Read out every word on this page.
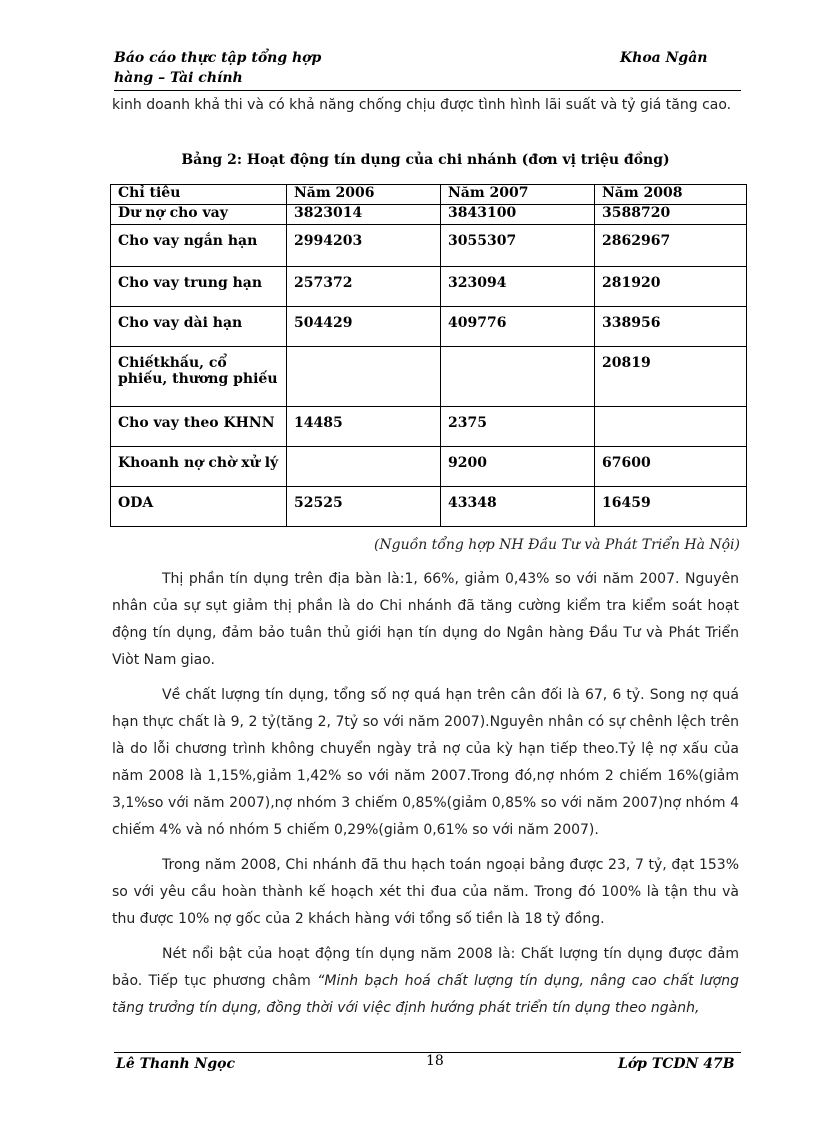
Báo cáo thực tập tổng hợp
hàng – Tài chính
Khoa Ngân

kinh doanh khả thi và có khả năng chống chịu được tình hình lãi suất và tỷ giá tăng cao.

Bảng 2: Hoạt động tín dụng của chi nhánh (đơn vị triệu đồng)
Chỉ tiêu	Năm 2006	Năm 2007	Năm 2008
Dư nợ cho vay	3823014	3843100	3588720
Cho vay ngắn hạn	2994203	3055307	2862967
Cho vay trung hạn	257372	323094	281920
Cho vay dài hạn	504429	409776	338956
Chiếtkhấu, cổ phiếu, thương phiếu			20819
Cho vay theo KHNN	14485	2375	
Khoanh nợ chờ xử lý		9200	67600
ODA	52525	43348	16459
(Nguồn tổng hợp NH Đầu Tư và Phát Triển Hà Nội)

Thị phần tín dụng trên địa bàn là:1, 66%, giảm 0,43% so với năm 2007. Nguyên nhân của sự sụt giảm thị phần là do Chi nhánh đã tăng cường kiểm tra kiểm soát hoạt động tín dụng, đảm bảo tuân thủ giới hạn tín dụng do Ngân hàng Đầu Tư và Phát Triển Viòt Nam giao.

Về chất lượng tín dụng, tổng số nợ quá hạn trên cân đối là 67, 6 tỷ. Song nợ quá hạn thực chất là 9, 2 tỷ(tăng 2, 7tỷ so với năm 2007).Nguyên nhân có sự chênh lệch trên là do lỗi chương trình không chuyển ngày trả nợ của kỳ hạn tiếp theo.Tỷ lệ nợ xấu của năm 2008 là 1,15%,giảm 1,42% so với năm 2007.Trong đó,nợ nhóm 2 chiếm 16%(giảm 3,1%so với năm 2007),nợ nhóm 3 chiếm 0,85%(giảm 0,85% so với năm 2007)nợ nhóm 4 chiếm 4% và nó nhóm 5 chiếm 0,29%(giảm 0,61% so với năm 2007).

Trong năm 2008, Chi nhánh đã thu hạch toán ngoại bảng được 23, 7 tỷ, đạt 153% so với yêu cầu hoàn thành kế hoạch xét thi đua của năm. Trong đó 100% là tận thu và thu được 10% nợ gốc của 2 khách hàng với tổng số tiền là 18 tỷ đồng.

Nét nổi bật của hoạt động tín dụng năm 2008 là: Chất lượng tín dụng được đảm bảo. Tiếp tục phương châm “Minh bạch hoá chất lượng tín dụng, nâng cao chất lượng tăng trưởng tín dụng, đồng thời với việc định hướng phát triển tín dụng theo ngành,

Lê Thanh Ngọc	18	Lớp TCDN 47B
